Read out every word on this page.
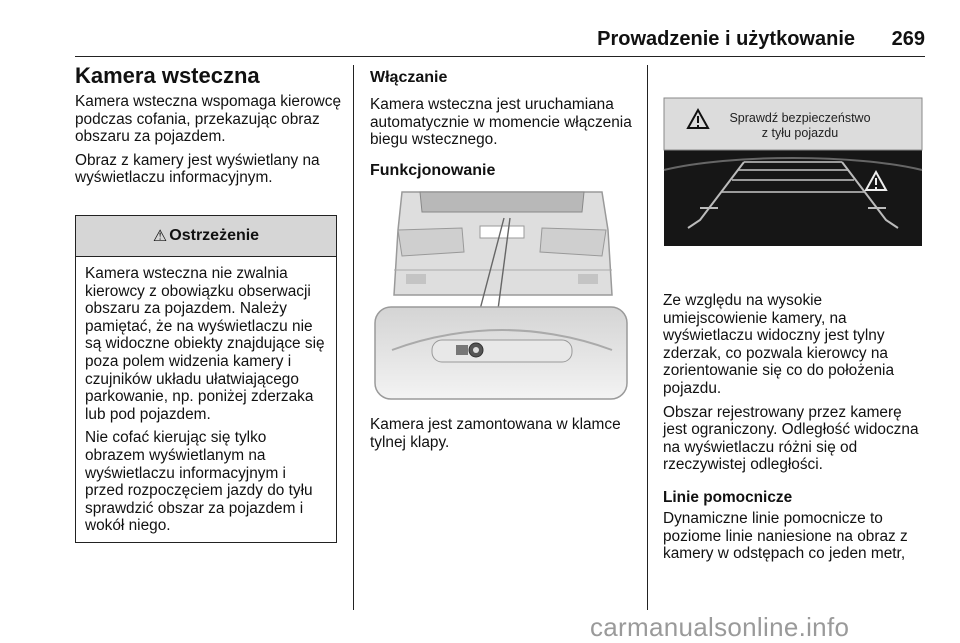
Prowadzenie i użytkowanie 269
Kamera wsteczna

Kamera wsteczna wspomaga kierowcę podczas cofania, przekazując obraz obszaru za pojazdem.

Obraz z kamery jest wyświetlany na wyświetlaczu informacyjnym.

⚠ Ostrzeżenie

Kamera wsteczna nie zwalnia kierowcy z obowiązku obserwacji obszaru za pojazdem. Należy pamiętać, że na wyświetlaczu nie są widoczne obiekty znajdujące się poza polem widzenia kamery i czujników układu ułatwiającego parkowanie, np. poniżej zderzaka lub pod pojazdem.

Nie cofać kierując się tylko obrazem wyświetlanym na wyświetlaczu informacyjnym i przed rozpoczęciem jazdy do tyłu sprawdzić obszar za pojazdem i wokół niego.

Włączanie

Kamera wsteczna jest uruchamiana automatycznie w momencie włączenia biegu wstecznego.

Funkcjonowanie

Kamera jest zamontowana w klamce tylnej klapy.

Sprawdź bezpieczeństwo
z tyłu pojazdu

Ze względu na wysokie umiejscowienie kamery, na wyświetlaczu widoczny jest tylny zderzak, co pozwala kierowcy na zorientowanie się co do położenia pojazdu.

Obszar rejestrowany przez kamerę jest ograniczony. Odległość widoczna na wyświetlaczu różni się od rzeczywistej odległości.

Linie pomocnicze

Dynamiczne linie pomocnicze to poziome linie naniesione na obraz z kamery w odstępach co jeden metr,

carmanualsonline.info
